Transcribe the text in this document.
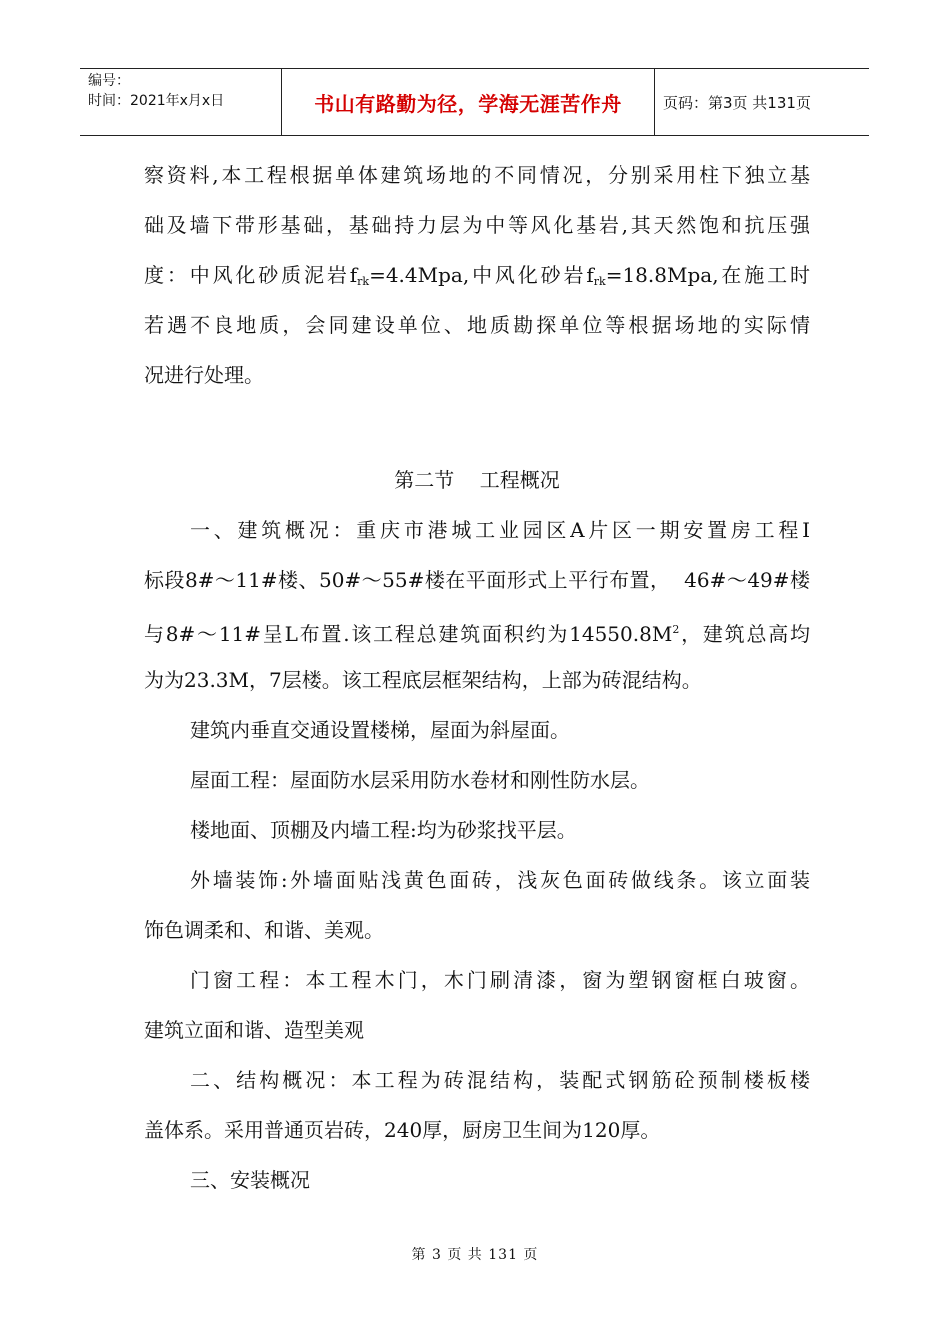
编号：
时间：2021年x月x日	书山有路勤为径，学海无涯苦作舟	页码：第3页 共131页
察资料,本工程根据单体建筑场地的不同情况，分别采用柱下独立基
础及墙下带形基础，基础持力层为中等风化基岩,其天然饱和抗压强
度：中风化砂质泥岩$f_{rk}=4.4Mpa$,中风化砂岩$f_{rk}=18.8Mpa$,在施工时
若遇不良地质，会同建设单位、地质勘探单位等根据场地的实际情
况进行处理。
第二节    工程概况
一、建筑概况：重庆市港城工业园区A片区一期安置房工程Ⅰ
标段8#～11#楼、50#～55#楼在平面形式上平行布置，  46#～49#楼
与8#～11#呈L布置.该工程总建筑面积约为$14550.8M^2$，建筑总高均
为为23.3M，7层楼。该工程底层框架结构，上部为砖混结构。
建筑内垂直交通设置楼梯，屋面为斜屋面。
屋面工程：屋面防水层采用防水卷材和刚性防水层。
楼地面、顶棚及内墙工程:均为砂浆找平层。
外墙装饰:外墙面贴浅黄色面砖，浅灰色面砖做线条。该立面装
饰色调柔和、和谐、美观。
门窗工程：本工程木门，木门刷清漆，窗为塑钢窗框白玻窗。
建筑立面和谐、造型美观
二、结构概况：本工程为砖混结构，装配式钢筋砼预制楼板楼
盖体系。采用普通页岩砖，240厚，厨房卫生间为120厚。
三、安装概况
第 3 页 共 131 页
